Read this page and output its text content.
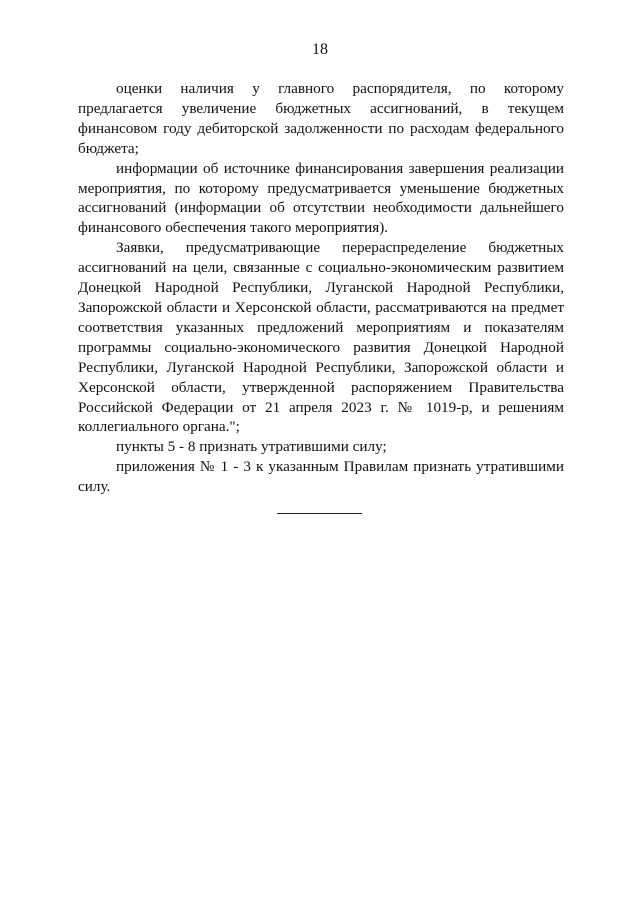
18

оценки наличия у главного распорядителя, по которому предлагается увеличение бюджетных ассигнований, в текущем финансовом году дебиторской задолженности по расходам федерального бюджета;

информации об источнике финансирования завершения реализации мероприятия, по которому предусматривается уменьшение бюджетных ассигнований (информации об отсутствии необходимости дальнейшего финансового обеспечения такого мероприятия).

Заявки, предусматривающие перераспределение бюджетных ассигнований на цели, связанные с социально-экономическим развитием Донецкой Народной Республики, Луганской Народной Республики, Запорожской области и Херсонской области, рассматриваются на предмет соответствия указанных предложений мероприятиям и показателям программы социально-экономического развития Донецкой Народной Республики, Луганской Народной Республики, Запорожской области и Херсонской области, утвержденной распоряжением Правительства Российской Федерации от 21 апреля 2023 г. № 1019-р, и решениям коллегиального органа.";

пункты 5 - 8 признать утратившими силу;

приложения № 1 - 3 к указанным Правилам признать утратившими силу.
